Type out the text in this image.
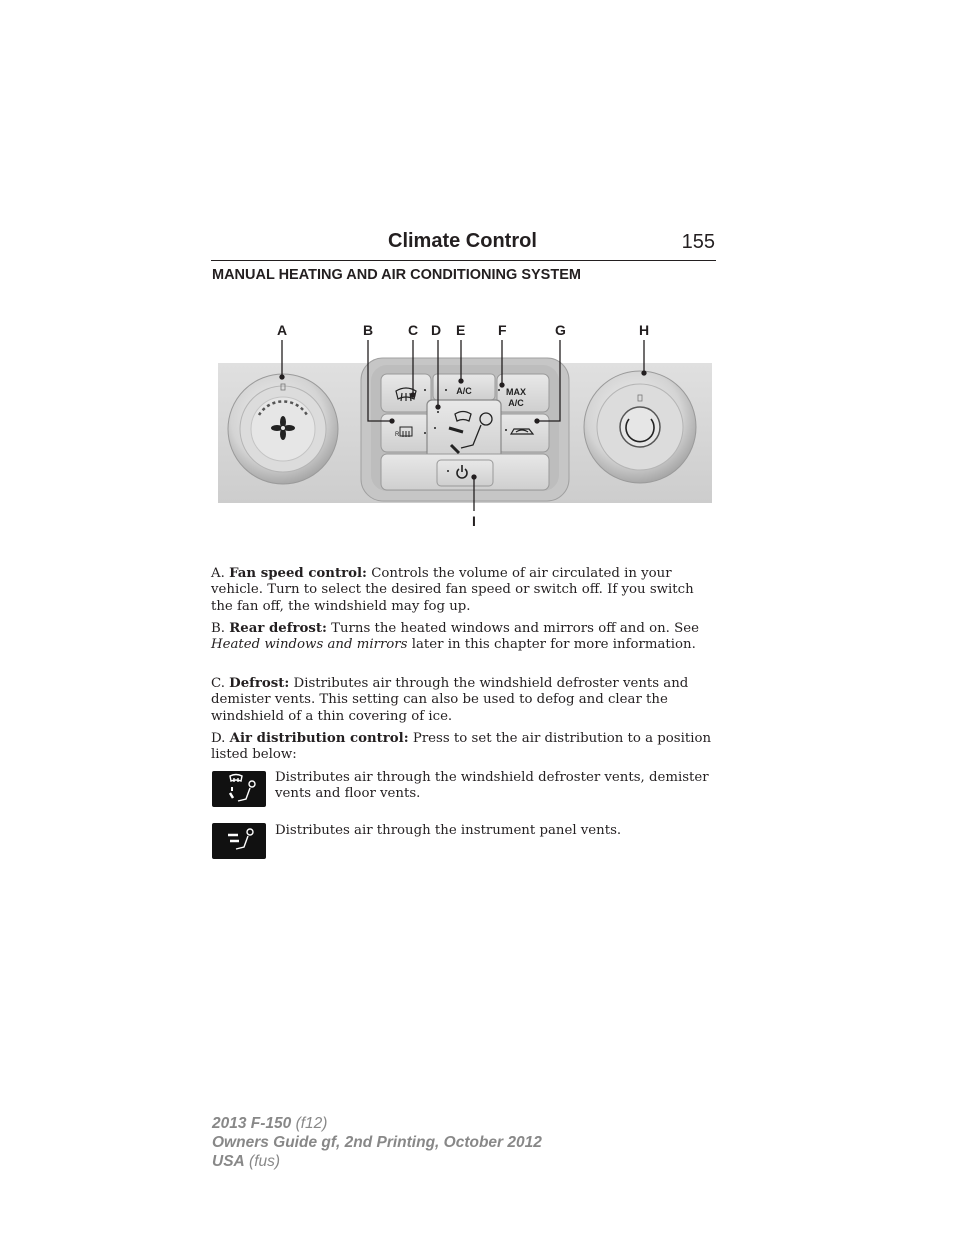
Climate Control	155
MANUAL HEATING AND AIR CONDITIONING SYSTEM
A	B C D E F	G	H
I
A/C	MAX
A/C
R
A. Fan speed control: Controls the volume of air circulated in your vehicle. Turn to select the desired fan speed or switch off. If you switch the fan off, the windshield may fog up.
B. Rear defrost: Turns the heated windows and mirrors off and on. See Heated windows and mirrors later in this chapter for more information.
C. Defrost: Distributes air through the windshield defroster vents and demister vents. This setting can also be used to defog and clear the windshield of a thin covering of ice.
D. Air distribution control: Press to set the air distribution to a position listed below:
Distributes air through the windshield defroster vents, demister vents and floor vents.
Distributes air through the instrument panel vents.
2013 F-150 (f12)
Owners Guide gf, 2nd Printing, October 2012
USA (fus)
